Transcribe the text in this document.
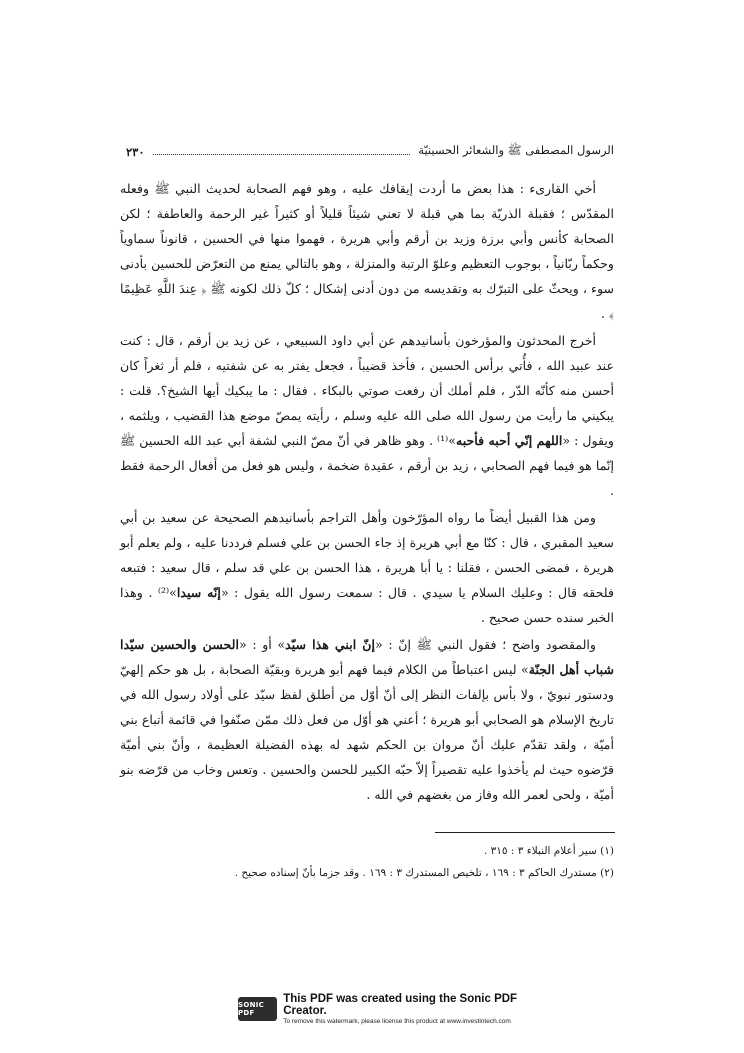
٢٣٠	الرسول المصطفى ﷺ والشعائر الحسينيّة

أخي القارىء : هذا بعض ما أردت إيقافك عليه ، وهو فهم الصحابة لحديث النبي ﷺ وفعله المقدّس ؛ فقبلة الذريّة بما هي قبلة لا تعني شيئاً قليلاً أو كثيراً غير الرحمة والعاطفة ؛ لكن الصحابة كأنس وأبي برزة وزيد بن أرقم وأبي هريرة ، فهموا منها في الحسين ، قانوناً سماوياً وحكماً ربّانياً ، بوجوب التعظيم وعلوّ الرتبة والمنزلة ، وهو بالتالي يمنع من التعرّض للحسين بأدنى سوء ، ويحثّ على التبرّك به وتقديسه من دون أدنى إشكال ؛ كلّ ذلك لكونه ﷺ ﴿ عِندَ اللَّهِ عَظِيمًا ﴾ .

أخرج المحدثون والمؤرخون بأسانيدهم عن أبي داود السبيعي ، عن زيد بن أرقم ، قال : كنت عند عبيد الله ، فأُتي برأس الحسين ، فأخذ قضيباً ، فجعل يفتر به عن شفتيه ، فلم أر ثغراً كان أحسن منه كأنّه الدّر ، فلم أملك أن رفعت صوتي بالبكاء . فقال : ما يبكيك أيها الشيخ؟. قلت : يبكيني ما رأيت من رسول الله صلى الله عليه وسلم ، رأيته يمصّ موضع هذا القضيب ، ويلثمه ، ويقول : «اللهم إنّي أحبه فأحبه»⁽¹⁾ . وهو ظاهر في أنّ مصّ النبي لشفة أبي عبد الله الحسين ﷺ إنّما هو فيما فهم الصحابي ، زيد بن أرقم ، عقيدة ضخمة ، وليس هو فعل من أفعال الرحمة فقط .

ومن هذا القبيل أيضاً ما رواه المؤرّخون وأهل التراجم بأسانيدهم الصحيحة عن سعيد بن أبي سعيد المقبري ، قال : كنّا مع أبي هريرة إذ جاء الحسن بن علي فسلم فرددنا عليه ، ولم يعلم أبو هريرة ، فمضى الحسن ، فقلنا : يا أبا هريرة ، هذا الحسن بن علي قد سلم ، قال سعيد : فتبعه فلحقه قال : وعليك السلام يا سيدي . قال : سمعت رسول الله يقول : «إنّه سيدا»⁽²⁾ . وهذا الخبر سنده حسن صحيح .

والمقصود واضح ؛ فقول النبي ﷺ إنّ : «إنّ ابني هذا سيّد» أو : «الحسن والحسين سيّدا شباب أهل الجنّة» ليس اعتباطاً من الكلام فيما فهم أبو هريرة وبقيّة الصحابة ، بل هو حكم إلهيّ ودستور نبويّ ، ولا بأس بإلفات النظر إلى أنّ أوّل من أطلق لفظ سيّد على أولاد رسول الله في تاريخ الإسلام هو الصحابي أبو هريرة ؛ أعني هو أوّل من فعل ذلك ممّن صنّفوا في قائمة أتباع بني أميّة ، ولقد تقدّم عليك أنّ مروان بن الحكم شهد له بهذه الفضيلة العظيمة ، وأنّ بني أميّة قرّضوه حيث لم يأخذوا عليه تقصيراً إلاّ حبّه الكبير للحسن والحسين . وتعس وخاب من قرّضه بنو أميّة ، ولحى لعمر الله وفاز من بغضهم في الله .

(١) سير أعلام النبلاء ٣ : ٣١٥ .

(٢) مستدرك الحاكم ٣ : ١٦٩ ، تلخيص المستدرك ٣ : ١٦٩ . وقد جزما بأنّ إسناده صحيح .

SONIC PDF
This PDF was created using the Sonic PDF Creator.
To remove this watermark, please license this product at www.investintech.com
